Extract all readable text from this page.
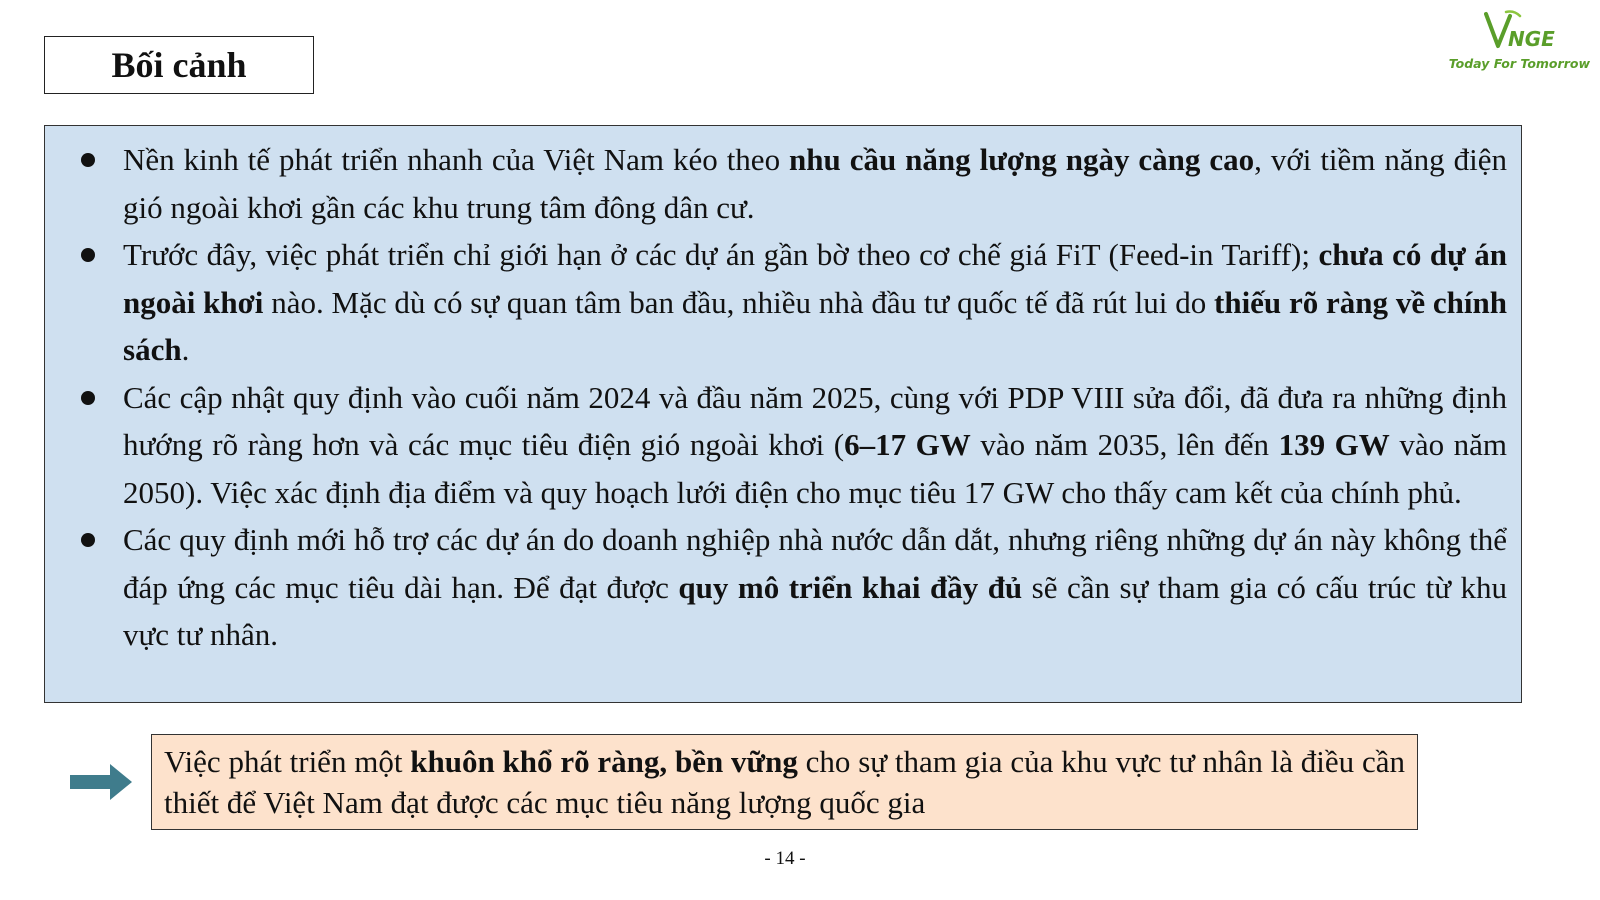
Bối cảnh
NGE
Today For Tomorrow
Nền kinh tế phát triển nhanh của Việt Nam kéo theo nhu cầu năng lượng ngày càng cao, với tiềm năng điện gió ngoài khơi gần các khu trung tâm đông dân cư.
Trước đây, việc phát triển chỉ giới hạn ở các dự án gần bờ theo cơ chế giá FiT (Feed-in Tariff); chưa có dự án ngoài khơi nào. Mặc dù có sự quan tâm ban đầu, nhiều nhà đầu tư quốc tế đã rút lui do thiếu rõ ràng về chính sách.
Các cập nhật quy định vào cuối năm 2024 và đầu năm 2025, cùng với PDP VIII sửa đổi, đã đưa ra những định hướng rõ ràng hơn và các mục tiêu điện gió ngoài khơi (6–17 GW vào năm 2035, lên đến 139 GW vào năm 2050). Việc xác định địa điểm và quy hoạch lưới điện cho mục tiêu 17 GW cho thấy cam kết của chính phủ.
Các quy định mới hỗ trợ các dự án do doanh nghiệp nhà nước dẫn dắt, nhưng riêng những dự án này không thể đáp ứng các mục tiêu dài hạn. Để đạt được quy mô triển khai đầy đủ sẽ cần sự tham gia có cấu trúc từ khu vực tư nhân.
Việc phát triển một khuôn khổ rõ ràng, bền vững cho sự tham gia của khu vực tư nhân là điều cần thiết để Việt Nam đạt được các mục tiêu năng lượng quốc gia
- 14 -
